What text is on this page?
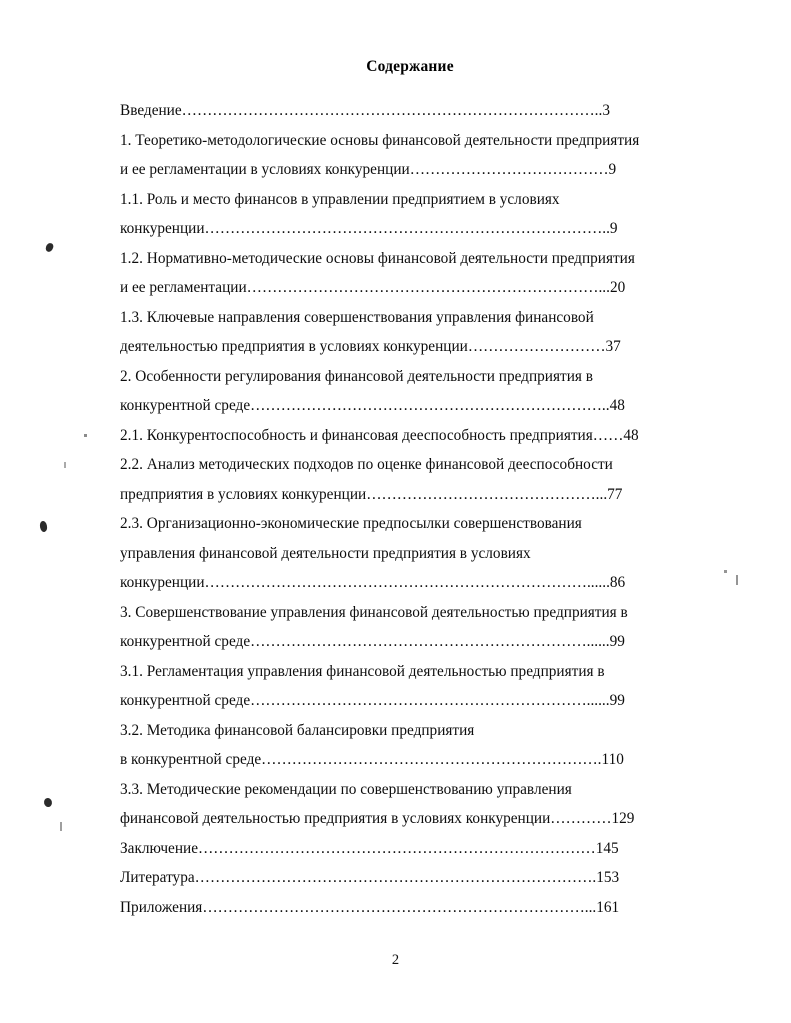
Содержание
Введение………………………………………………………………………..3
1. Теоретико-методологические основы финансовой деятельности предприятия
и ее регламентации в условиях конкуренции…………………………………9
1.1. Роль и место финансов в управлении предприятием в условиях
конкуренции……………………………………………………………………..9
1.2. Нормативно-методические основы финансовой деятельности предприятия
и ее регламентации……………………………………………………………...20
1.3. Ключевые направления совершенствования управления финансовой
деятельностью предприятия в условиях конкуренции………………………37
2. Особенности регулирования финансовой деятельности предприятия в
конкурентной среде……………………………………………………………..48
2.1. Конкурентоспособность и финансовая дееспособность предприятия……48
2.2. Анализ методических подходов по оценке финансовой дееспособности
предприятия в условиях конкуренции………………………………………...77
2.3. Организационно-экономические предпосылки совершенствования
управления финансовой деятельности предприятия в условиях
конкуренции…………………………………………………………………......86
3. Совершенствование управления финансовой деятельностью предприятия в
конкурентной среде…………………………………………………………......99
3.1. Регламентация управления финансовой деятельностью предприятия в
конкурентной среде…………………………………………………………......99
3.2. Методика финансовой балансировки предприятия
в конкурентной среде………………………………………………………….110
3.3. Методические рекомендации по совершенствованию управления
финансовой деятельностью предприятия в условиях конкуренции…………129
Заключение……………………………………………………………………145
Литература…………………………………………………………………….153
Приложения…………………………………………………………………...161
2
